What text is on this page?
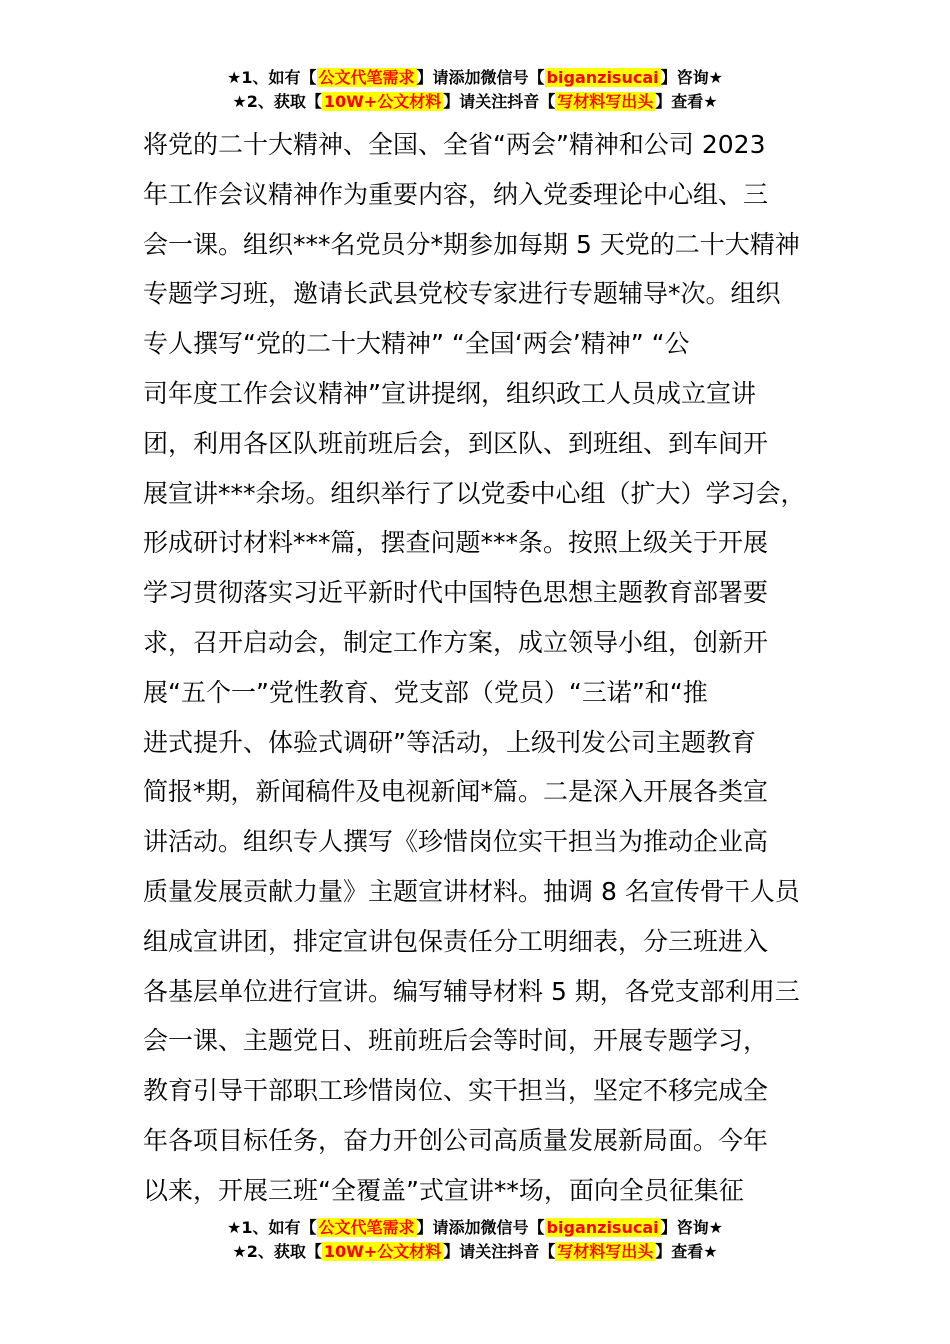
★1、如有【 公文代笔需求 】请添加微信号【 biganzisucai 】咨询★
★2、获取【 10W+公文材料 】请关注抖音【 写材料写出头 】查看★
将党的二十大精神、全国、全省“两会”精神和公司 2023
年工作会议精神作为重要内容，纳入党委理论中心组、三
会一课。组织***名党员分*期参加每期 5 天党的二十大精神
专题学习班，邀请长武县党校专家进行专题辅导*次。组织
专人撰写“党的二十大精神” “全国‘两会’精神” “公
司年度工作会议精神”宣讲提纲，组织政工人员成立宣讲
团，利用各区队班前班后会，到区队、到班组、到车间开
展宣讲***余场。组织举行了以党委中心组（扩大）学习会，
形成研讨材料***篇，摆查问题***条。按照上级关于开展
学习贯彻落实习近平新时代中国特色思想主题教育部署要
求，召开启动会，制定工作方案，成立领导小组，创新开
展“五个一”党性教育、党支部（党员）“三诺”和“推
进式提升、体验式调研”等活动，上级刊发公司主题教育
简报*期，新闻稿件及电视新闻*篇。二是深入开展各类宣
讲活动。组织专人撰写《珍惜岗位实干担当为推动企业高
质量发展贡献力量》主题宣讲材料。抽调 8 名宣传骨干人员
组成宣讲团，排定宣讲包保责任分工明细表，分三班进入
各基层单位进行宣讲。编写辅导材料 5 期，各党支部利用三
会一课、主题党日、班前班后会等时间，开展专题学习，
教育引导干部职工珍惜岗位、实干担当，坚定不移完成全
年各项目标任务，奋力开创公司高质量发展新局面。今年
以来，开展三班“全覆盖”式宣讲**场，面向全员征集征
★1、如有【 公文代笔需求 】请添加微信号【 biganzisucai 】咨询★
★2、获取【 10W+公文材料 】请关注抖音【 写材料写出头 】查看★
